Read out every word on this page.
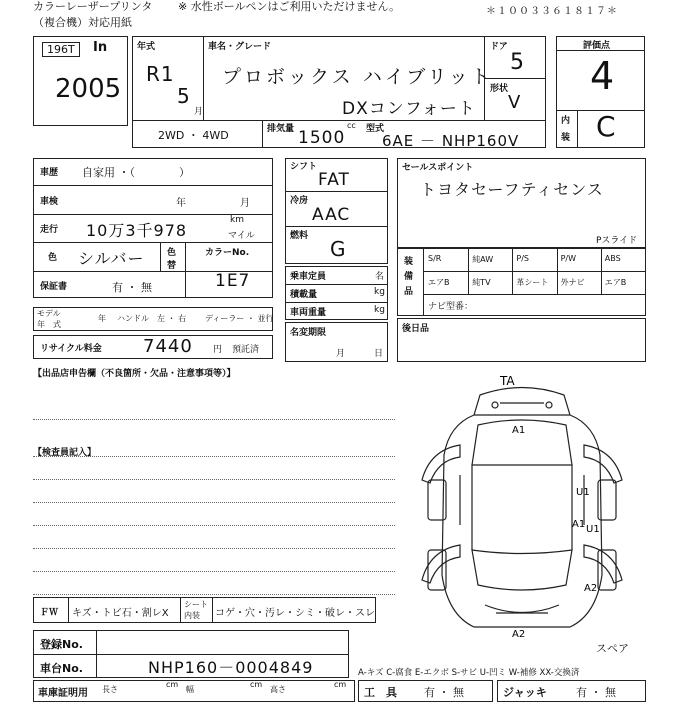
カラーレーザープリンタ
（複合機）対応用紙
※ 水性ボールペンはご利用いただけません。	＊１００３３６１８１７＊
196T	In
2005
年式
R1
5
月
車名・グレード
プロボックス ハイブリット
DXコンフォート
ドア
5
形状
V
2WD ・ 4WD	排気量 1500
cc 型式
6AE － NHP160V
評価点
4
内
装 C
車歴 自家用 ・（　　　　）
車検	年	月
走行 10万3千978
km
マイル
色 シルバー	色
替
カラーNo.
1E7
保証書	有 ・ 無
シフト
FAT
冷房
AAC
燃料
G
乗車定員	名
積載量	kg
車両重量	kg
セールスポイント
トヨタセーフティセンス
Pスライド
装備品
S/R	純AW	P/S	P/W	ABS
エアB	純TV	革シート	外ナビ	エアB
ナビ型番：
モデル
年　式
年 ハンドル 左 ・ 右 ディーラー ・ 並行
リサイクル料金 7440 円 預託済
名変期限
月	日
後日品
【出品店申告欄（不良箇所・欠品・注意事項等）】
【検査員記入】
TA
A1
U1
A1 U1
A2
A2
スペア
ＦＷ キズ・トビ石・割レX
シート
内装 コゲ・穴・汚レ・シミ・破レ・スレ
登録No.
車台No.	NHP160－0004849	A-キズ C-腐食 E-エクボ S-サビ U-凹ミ W-補修 XX-交換済
車庫証明用 長さ
cm
幅
cm
高さ
cm
工　具 有 ・ 無	ジャッキ	有 ・ 無
